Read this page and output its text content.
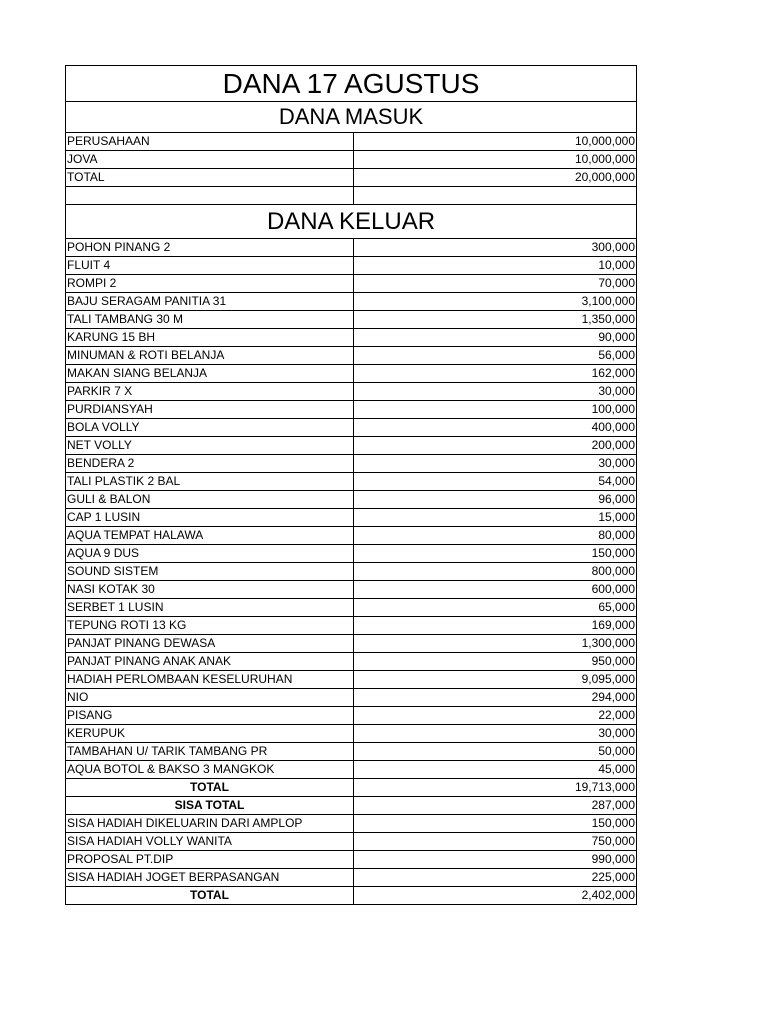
DANA 17 AGUSTUS	
DANA MASUK	
PERUSAHAAN	10,000,000
JOVA	10,000,000
TOTAL	20,000,000

DANA KELUAR	
POHON PINANG 2	300,000
FLUIT 4	10,000
ROMPI 2	70,000
BAJU SERAGAM PANITIA 31	3,100,000
TALI TAMBANG 30 M	1,350,000
KARUNG 15 BH	90,000
MINUMAN & ROTI BELANJA	56,000
MAKAN SIANG BELANJA	162,000
PARKIR 7 X	30,000
PURDIANSYAH	100,000
BOLA VOLLY	400,000
NET VOLLY	200,000
BENDERA 2	30,000
TALI PLASTIK 2 BAL	54,000
GULI & BALON	96,000
CAP 1 LUSIN	15,000
AQUA TEMPAT HALAWA	80,000
AQUA 9 DUS	150,000
SOUND SISTEM	800,000
NASI KOTAK 30	600,000
SERBET 1 LUSIN	65,000
TEPUNG ROTI 13 KG	169,000
PANJAT PINANG DEWASA	1,300,000
PANJAT PINANG ANAK ANAK	950,000
HADIAH PERLOMBAAN KESELURUHAN	9,095,000
NIO	294,000
PISANG	22,000
KERUPUK	30,000
TAMBAHAN U/ TARIK TAMBANG PR	50,000
AQUA BOTOL & BAKSO 3 MANGKOK	45,000
TOTAL	19,713,000
SISA TOTAL	287,000
SISA HADIAH DIKELUARIN DARI AMPLOP	150,000
SISA HADIAH VOLLY WANITA	750,000
PROPOSAL PT.DIP	990,000
SISA HADIAH JOGET BERPASANGAN	225,000
TOTAL	2,402,000
